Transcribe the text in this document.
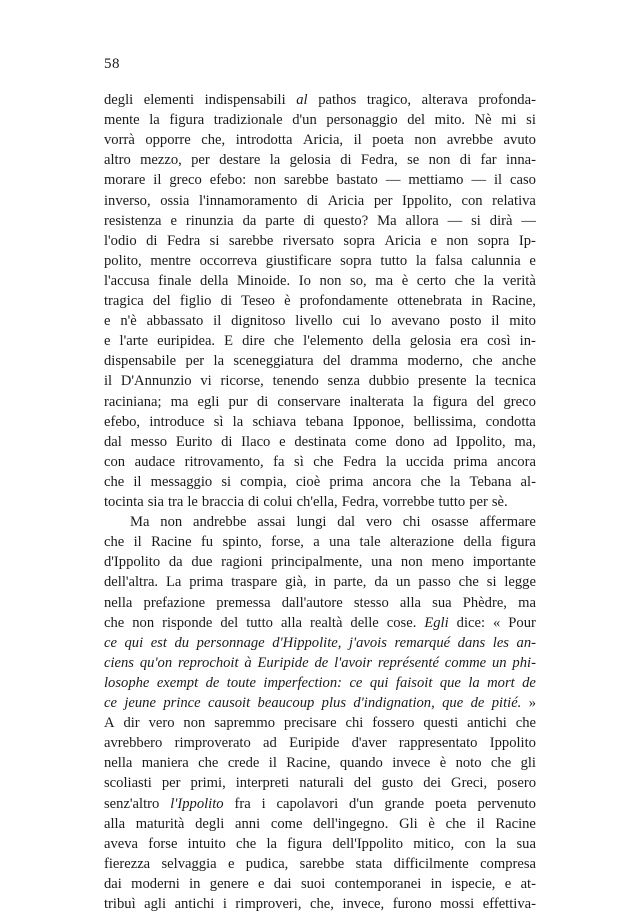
58
degli elementi indispensabili al pathos tragico, alterava profonda-
mente la figura tradizionale d'un personaggio del mito. Nè mi si
vorrà opporre che, introdotta Aricia, il poeta non avrebbe avuto
altro mezzo, per destare la gelosia di Fedra, se non di far inna-
morare il greco efebo: non sarebbe bastato — mettiamo — il caso
inverso, ossia l'innamoramento di Aricia per Ippolito, con relativa
resistenza e rinunzia da parte di questo? Ma allora — si dirà —
l'odio di Fedra si sarebbe riversato sopra Aricia e non sopra Ip-
polito, mentre occorreva giustificare sopra tutto la falsa calunnia e
l'accusa finale della Minoide. Io non so, ma è certo che la verità
tragica del figlio di Teseo è profondamente ottenebrata in Racine,
e n'è abbassato il dignitoso livello cui lo avevano posto il mito
e l'arte euripidea. E dire che l'elemento della gelosia era così in-
dispensabile per la sceneggiatura del dramma moderno, che anche
il D'Annunzio vi ricorse, tenendo senza dubbio presente la tecnica
raciniana; ma egli pur di conservare inalterata la figura del greco
efebo, introduce sì la schiava tebana Ipponoe, bellissima, condotta
dal messo Eurito di Ilaco e destinata come dono ad Ippolito, ma,
con audace ritrovamento, fa sì che Fedra la uccida prima ancora
che il messaggio si compia, cioè prima ancora che la Tebana al-
tocinta sia tra le braccia di colui ch'ella, Fedra, vorrebbe tutto per sè.
Ma non andrebbe assai lungi dal vero chi osasse affermare
che il Racine fu spinto, forse, a una tale alterazione della figura
d'Ippolito da due ragioni principalmente, una non meno importante
dell'altra. La prima traspare già, in parte, da un passo che si legge
nella prefazione premessa dall'autore stesso alla sua Phèdre, ma
che non risponde del tutto alla realtà delle cose. Egli dice: « Pour
ce qui est du personnage d'Hippolite, j'avois remarqué dans les an-
ciens qu'on reprochoit à Euripide de l'avoir représenté comme un phi-
losophe exempt de toute imperfection: ce qui faisoit que la mort de
ce jeune prince causoit beaucoup plus d'indignation, que de pitié. »
A dir vero non sapremmo precisare chi fossero questi antichi che
avrebbero rimproverato ad Euripide d'aver rappresentato Ippolito
nella maniera che crede il Racine, quando invece è noto che gli
scoliasti per primi, interpreti naturali del gusto dei Greci, posero
senz'altro l'Ippolito fra i capolavori d'un grande poeta pervenuto
alla maturità degli anni come dell'ingegno. Gli è che il Racine
aveva forse intuito che la figura dell'Ippolito mitico, con la sua
fierezza selvaggia e pudica, sarebbe stata difficilmente compresa
dai moderni in genere e dai suoi contemporanei in ispecie, e at-
tribuì agli antichi i rimproveri, che, invece, furono mossi effettiva-
